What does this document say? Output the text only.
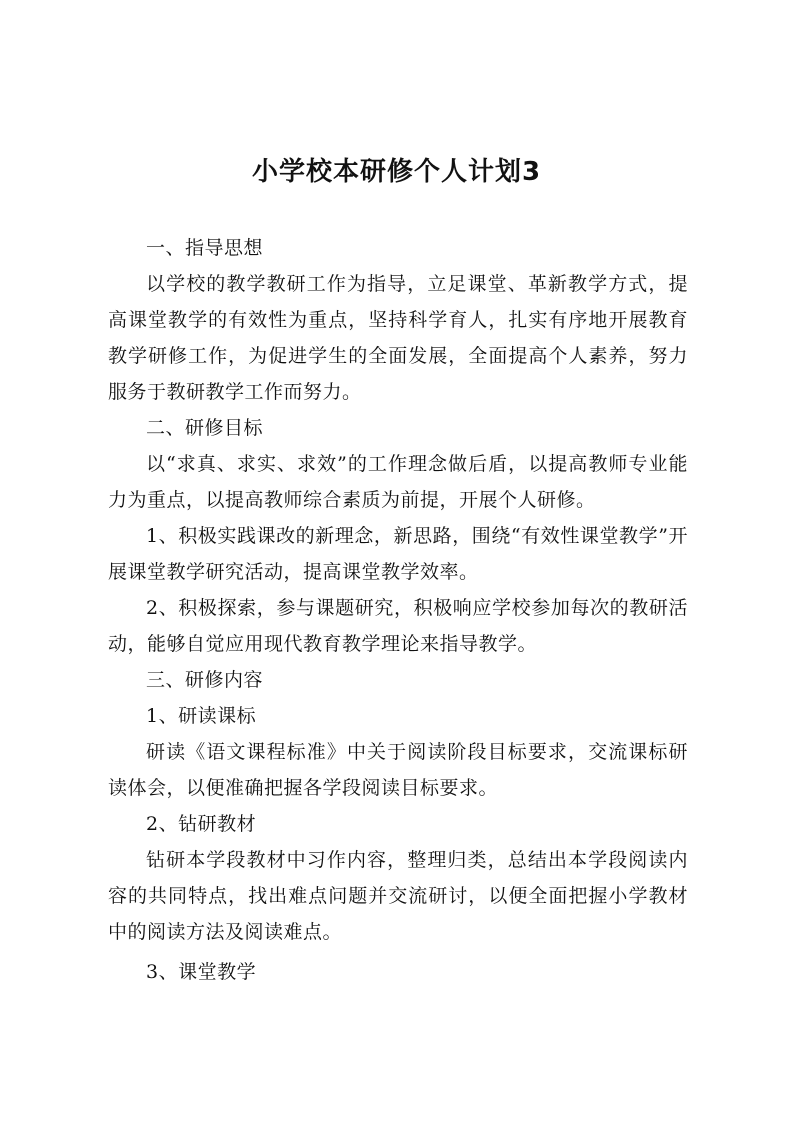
小学校本研修个人计划3

一、指导思想

以学校的教学教研工作为指导，立足课堂、革新教学方式，提高课堂教学的有效性为重点，坚持科学育人，扎实有序地开展教育教学研修工作，为促进学生的全面发展，全面提高个人素养，努力服务于教研教学工作而努力。

二、研修目标

以“求真、求实、求效”的工作理念做后盾，以提高教师专业能力为重点，以提高教师综合素质为前提，开展个人研修。

1、积极实践课改的新理念，新思路，围绕“有效性课堂教学”开展课堂教学研究活动，提高课堂教学效率。

2、积极探索，参与课题研究，积极响应学校参加每次的教研活动，能够自觉应用现代教育教学理论来指导教学。

三、研修内容

1、研读课标

研读《语文课程标准》中关于阅读阶段目标要求，交流课标研读体会，以便准确把握各学段阅读目标要求。

2、钻研教材

钻研本学段教材中习作内容，整理归类，总结出本学段阅读内容的共同特点，找出难点问题并交流研讨，以便全面把握小学教材中的阅读方法及阅读难点。

3、课堂教学
